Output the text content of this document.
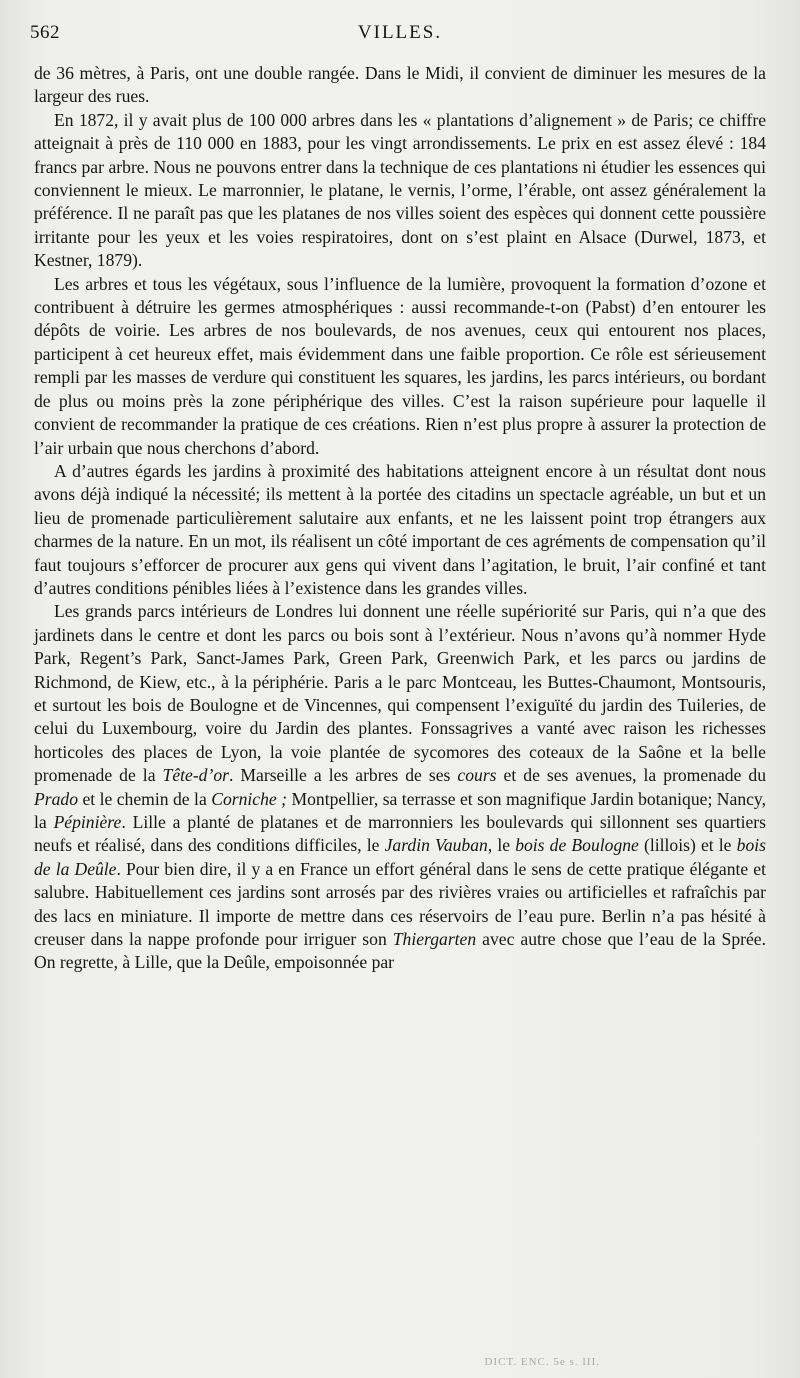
562	VILLES.

de 36 mètres, à Paris, ont une double rangée. Dans le Midi, il convient de diminuer les mesures de la largeur des rues.

En 1872, il y avait plus de 100 000 arbres dans les « plantations d’alignement » de Paris; ce chiffre atteignait à près de 110 000 en 1883, pour les vingt arrondissements. Le prix en est assez élevé : 184 francs par arbre. Nous ne pouvons entrer dans la technique de ces plantations ni étudier les essences qui conviennent le mieux. Le marronnier, le platane, le vernis, l’orme, l’érable, ont assez généralement la préférence. Il ne paraît pas que les platanes de nos villes soient des espèces qui donnent cette poussière irritante pour les yeux et les voies respiratoires, dont on s’est plaint en Alsace (Durwel, 1873, et Kestner, 1879).

Les arbres et tous les végétaux, sous l’influence de la lumière, provoquent la formation d’ozone et contribuent à détruire les germes atmosphériques : aussi recommande-t-on (Pabst) d’en entourer les dépôts de voirie. Les arbres de nos boulevards, de nos avenues, ceux qui entourent nos places, participent à cet heureux effet, mais évidemment dans une faible proportion. Ce rôle est sérieusement rempli par les masses de verdure qui constituent les squares, les jardins, les parcs intérieurs, ou bordant de plus ou moins près la zone périphérique des villes. C’est la raison supérieure pour laquelle il convient de recommander la pratique de ces créations. Rien n’est plus propre à assurer la protection de l’air urbain que nous cherchons d’abord.

A d’autres égards les jardins à proximité des habitations atteignent encore à un résultat dont nous avons déjà indiqué la nécessité; ils mettent à la portée des citadins un spectacle agréable, un but et un lieu de promenade particulièrement salutaire aux enfants, et ne les laissent point trop étrangers aux charmes de la nature. En un mot, ils réalisent un côté important de ces agréments de compensation qu’il faut toujours s’efforcer de procurer aux gens qui vivent dans l’agitation, le bruit, l’air confiné et tant d’autres conditions pénibles liées à l’existence dans les grandes villes.

Les grands parcs intérieurs de Londres lui donnent une réelle supériorité sur Paris, qui n’a que des jardinets dans le centre et dont les parcs ou bois sont à l’extérieur. Nous n’avons qu’à nommer Hyde Park, Regent’s Park, Sanct-James Park, Green Park, Greenwich Park, et les parcs ou jardins de Richmond, de Kiew, etc., à la périphérie. Paris a le parc Montceau, les Buttes-Chaumont, Montsouris, et surtout les bois de Boulogne et de Vincennes, qui compensent l’exiguïté du jardin des Tuileries, de celui du Luxembourg, voire du Jardin des plantes. Fonssagrives a vanté avec raison les richesses horticoles des places de Lyon, la voie plantée de sycomores des coteaux de la Saône et la belle promenade de la Tête-d’or. Marseille a les arbres de ses cours et de ses avenues, la promenade du Prado et le chemin de la Corniche ; Montpellier, sa terrasse et son magnifique Jardin botanique; Nancy, la Pépinière. Lille a planté de platanes et de marronniers les boulevards qui sillonnent ses quartiers neufs et réalisé, dans des conditions difficiles, le Jardin Vauban, le bois de Boulogne (lillois) et le bois de la Deûle. Pour bien dire, il y a en France un effort général dans le sens de cette pratique élégante et salubre. Habituellement ces jardins sont arrosés par des rivières vraies ou artificielles et rafraîchis par des lacs en miniature. Il importe de mettre dans ces réservoirs de l’eau pure. Berlin n’a pas hésité à creuser dans la nappe profonde pour irriguer son Thiergarten avec autre chose que l’eau de la Sprée. On regrette, à Lille, que la Deûle, empoisonnée par

DICT. ENC. 5e s. III.
